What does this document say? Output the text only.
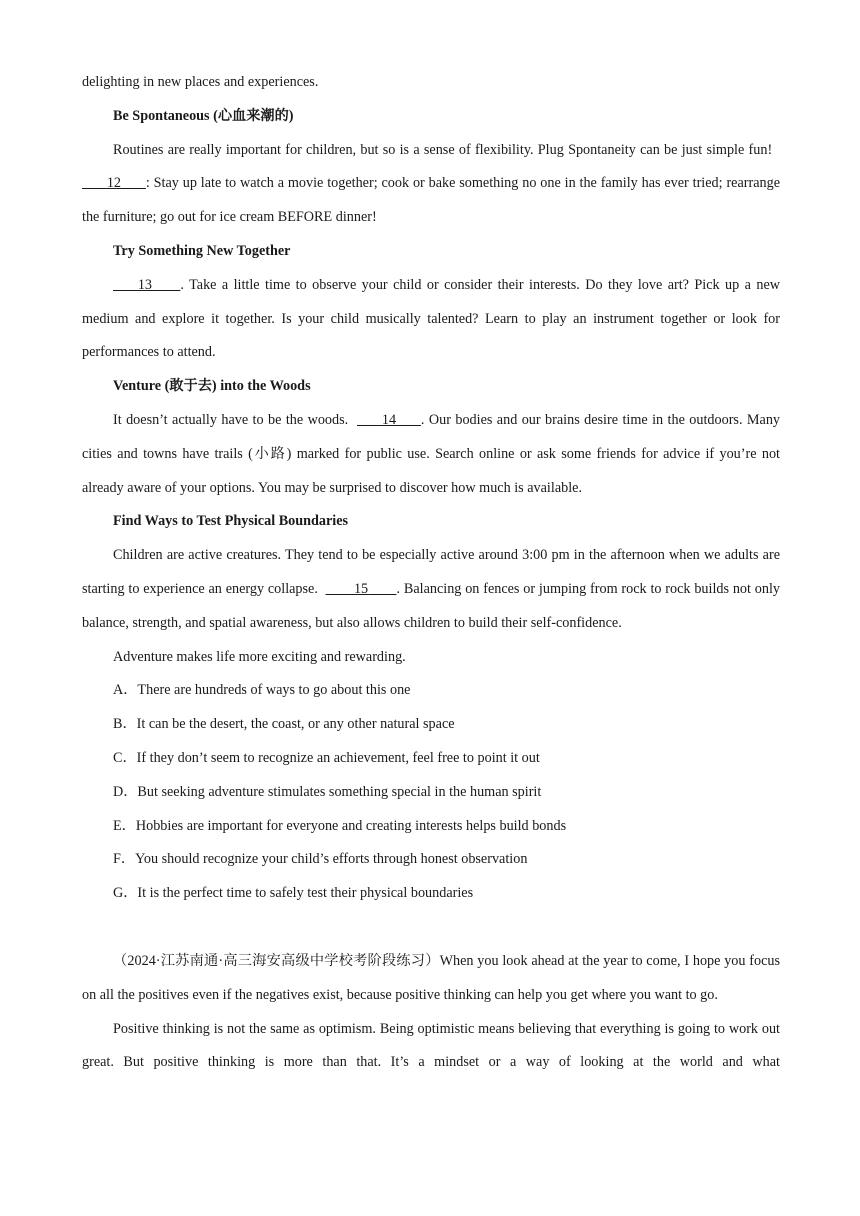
delighting in new places and experiences.

Be Spontaneous (心血来潮的)

Routines are really important for children, but so is a sense of flexibility. Plug Spontaneity can be just simple fun!         12 : Stay up late to watch a movie together; cook or bake something no one in the family has ever tried; rearrange the furniture; go out for ice cream BEFORE dinner!

Try Something New Together

13 . Take a little time to observe your child or consider their interests. Do they love art? Pick up a new medium and explore it together. Is your child musically talented? Learn to play an instrument together or look for performances to attend.

Venture (敢于去) into the Woods

It doesn’t actually have to be the woods. 14 . Our bodies and our brains desire time in the outdoors. Many cities and towns have trails (小路) marked for public use. Search online or ask some friends for advice if you’re not already aware of your options. You may be surprised to discover how much is available.

Find Ways to Test Physical Boundaries

Children are active creatures. They tend to be especially active around 3:00 pm in the afternoon when we adults are starting to experience an energy collapse.	15 . Balancing on fences or jumping from rock to rock builds not only balance, strength, and spatial awareness, but also allows children to build their self-confidence.

Adventure makes life more exciting and rewarding.

A．There are hundreds of ways to go about this one

B．It can be the desert, the coast, or any other natural space

C．If they don’t seem to recognize an achievement, feel free to point it out

D．But seeking adventure stimulates something special in the human spirit

E．Hobbies are important for everyone and creating interests helps build bonds

F．You should recognize your child’s efforts through honest observation

G．It is the perfect time to safely test their physical boundaries

（2024·江苏南通·高三海安高级中学校考阶段练习）When you look ahead at the year to come, I hope you focus on all the positives even if the negatives exist, because positive thinking can help you get where you want to go.

Positive thinking is not the same as optimism. Being optimistic means believing that everything is going to work out great. But positive thinking is more than that. It’s a mindset or a way of looking at the world and what
